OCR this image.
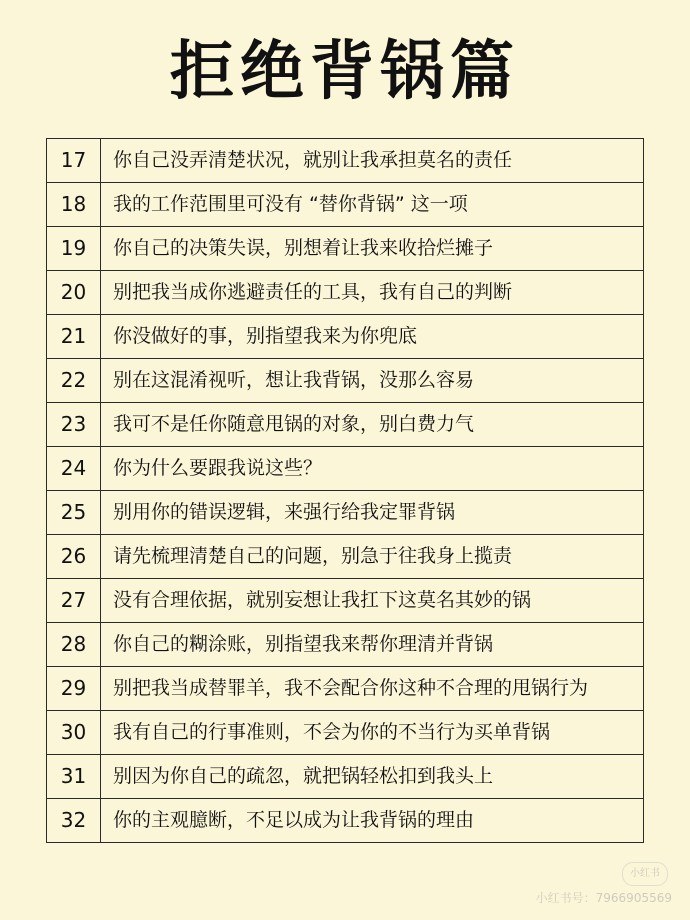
拒绝背锅篇
17	你自己没弄清楚状况，就别让我承担莫名的责任
18	我的工作范围里可没有 “替你背锅” 这一项
19	你自己的决策失误，别想着让我来收拾烂摊子
20	别把我当成你逃避责任的工具，我有自己的判断
21	你没做好的事，别指望我来为你兜底
22	别在这混淆视听，想让我背锅，没那么容易
23	我可不是任你随意甩锅的对象，别白费力气
24	你为什么要跟我说这些？
25	别用你的错误逻辑，来强行给我定罪背锅
26	请先梳理清楚自己的问题，别急于往我身上揽责
27	没有合理依据，就别妄想让我扛下这莫名其妙的锅
28	你自己的糊涂账，别指望我来帮你理清并背锅
29	别把我当成替罪羊，我不会配合你这种不合理的甩锅行为
30	我有自己的行事准则，不会为你的不当行为买单背锅
31	别因为你自己的疏忽，就把锅轻松扣到我头上
32	你的主观臆断，不足以成为让我背锅的理由
小红书
小红书号：7966905569
